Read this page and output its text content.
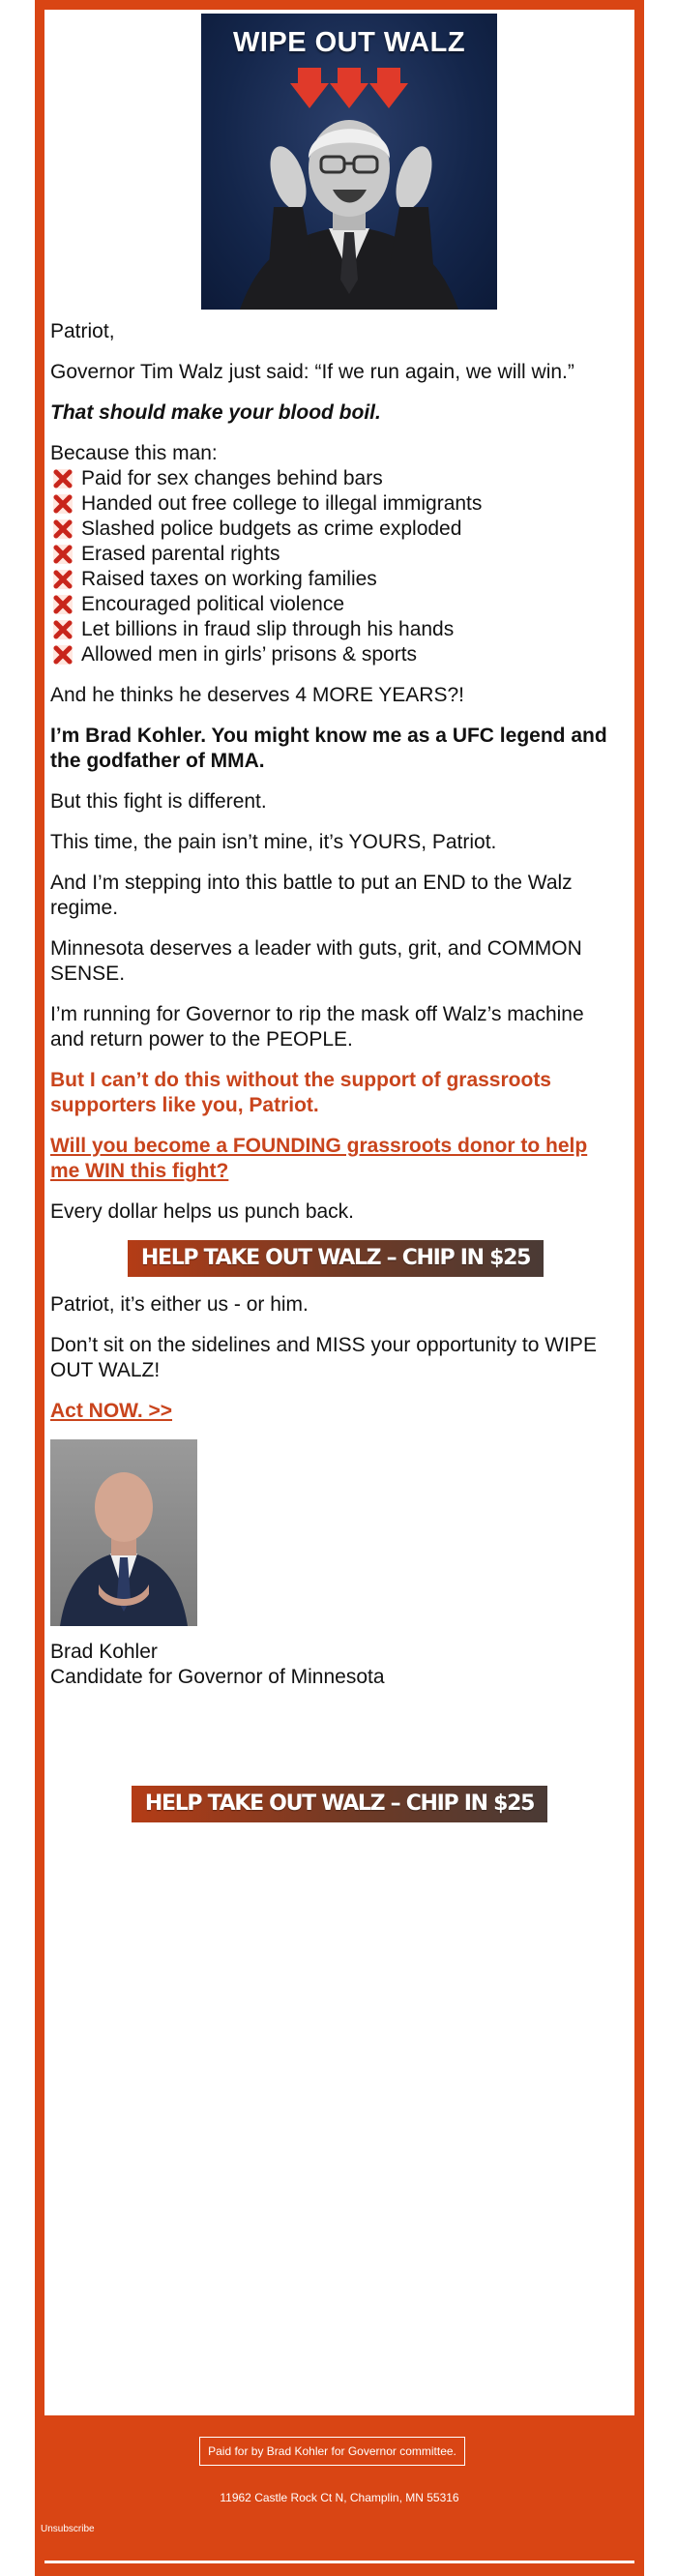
WIPE OUT WALZ

Patriot,

Governor Tim Walz just said: “If we run again, we will win.”

That should make your blood boil.

Because this man:
Paid for sex changes behind bars
Handed out free college to illegal immigrants
Slashed police budgets as crime exploded
Erased parental rights
Raised taxes on working families
Encouraged political violence
Let billions in fraud slip through his hands
Allowed men in girls’ prisons & sports

And he thinks he deserves 4 MORE YEARS?!

I’m Brad Kohler. You might know me as a UFC legend and the godfather of MMA.

But this fight is different.

This time, the pain isn’t mine, it’s YOURS, Patriot.

And I’m stepping into this battle to put an END to the Walz regime.

Minnesota deserves a leader with guts, grit, and COMMON SENSE.

I’m running for Governor to rip the mask off Walz’s machine and return power to the PEOPLE.

But I can’t do this without the support of grassroots supporters like you, Patriot.

Will you become a FOUNDING grassroots donor to help me WIN this fight?

Every dollar helps us punch back.

HELP TAKE OUT WALZ – CHIP IN $25

Patriot, it’s either us - or him.

Don’t sit on the sidelines and MISS your opportunity to WIPE OUT WALZ!

Act NOW. >>

Brad Kohler
Candidate for Governor of Minnesota
HELP TAKE OUT WALZ – CHIP IN $25
Paid for by Brad Kohler for Governor committee.
11962 Castle Rock Ct N, Champlin, MN 55316
Unsubscribe
